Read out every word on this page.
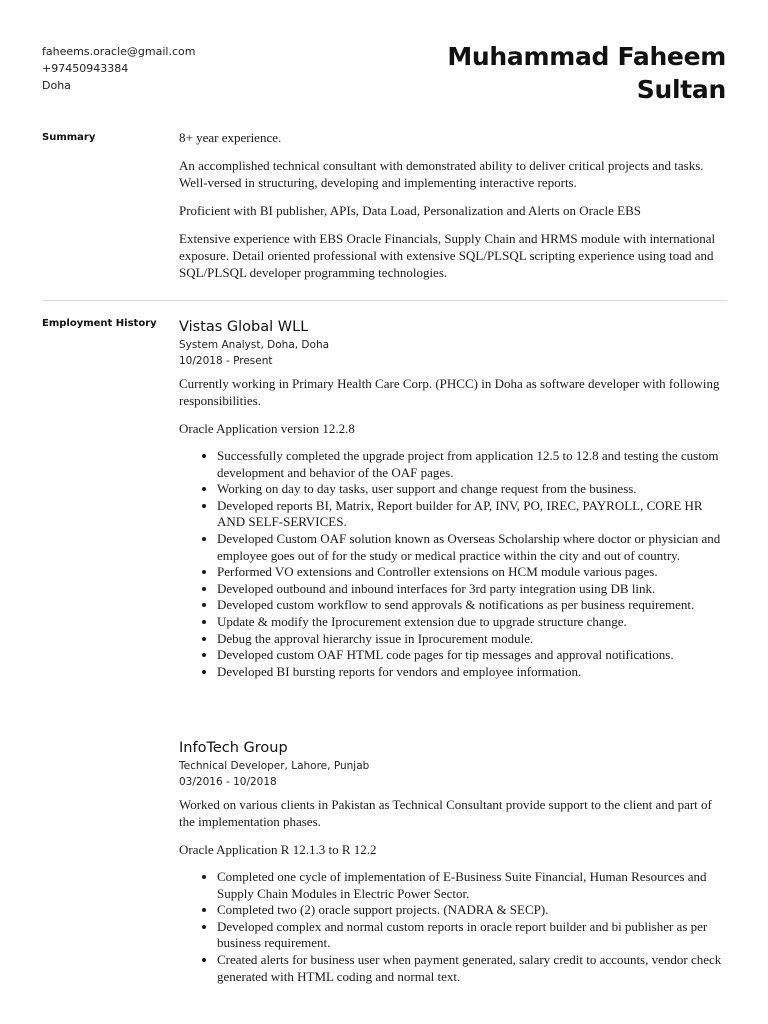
faheems.oracle@gmail.com
+97450943384
Doha
Muhammad Faheem
Sultan
Summary	8+ year experience.

An accomplished technical consultant with demonstrated ability to deliver critical projects and tasks. Well-versed in structuring, developing and implementing interactive reports.

Proficient with BI publisher, APIs, Data Load, Personalization and Alerts on Oracle EBS

Extensive experience with EBS Oracle Financials, Supply Chain and HRMS module with international exposure. Detail oriented professional with extensive SQL/PLSQL scripting experience using toad and SQL/PLSQL developer programming technologies.

Employment History Vistas Global WLL
System Analyst, Doha, Doha
10/2018 - Present

Currently working in Primary Health Care Corp. (PHCC) in Doha as software developer with following responsibilities.

Oracle Application version 12.2.8

• Successfully completed the upgrade project from application 12.5 to 12.8 and testing the custom development and behavior of the OAF pages.
• Working on day to day tasks, user support and change request from the business.
• Developed reports BI, Matrix, Report builder for AP, INV, PO, IREC, PAYROLL, CORE HR AND SELF-SERVICES.
• Developed Custom OAF solution known as Overseas Scholarship where doctor or physician and employee goes out of for the study or medical practice within the city and out of country.
• Performed VO extensions and Controller extensions on HCM module various pages.
• Developed outbound and inbound interfaces for 3rd party integration using DB link.
• Developed custom workflow to send approvals & notifications as per business requirement.
• Update & modify the Iprocurement extension due to upgrade structure change.
• Debug the approval hierarchy issue in Iprocurement module.
• Developed custom OAF HTML code pages for tip messages and approval notifications.
• Developed BI bursting reports for vendors and employee information.
InfoTech Group
Technical Developer, Lahore, Punjab
03/2016 - 10/2018

Worked on various clients in Pakistan as Technical Consultant provide support to the client and part of the implementation phases.

Oracle Application R 12.1.3 to R 12.2

• Completed one cycle of implementation of E-Business Suite Financial, Human Resources and Supply Chain Modules in Electric Power Sector.
• Completed two (2) oracle support projects. (NADRA & SECP).
• Developed complex and normal custom reports in oracle report builder and bi publisher as per business requirement.
• Created alerts for business user when payment generated, salary credit to accounts, vendor check generated with HTML coding and normal text.
